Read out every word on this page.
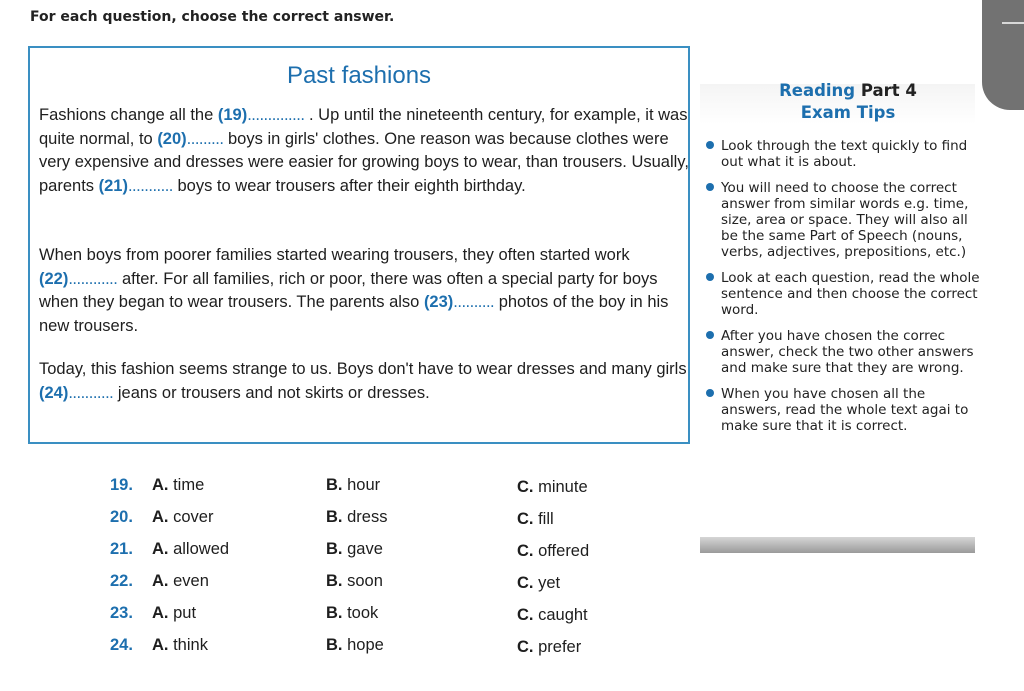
For each question, choose the correct answer.
Past fashions

Fashions change all the (19).............. . Up until the nineteenth century, for example, it was quite normal, to (20)......... boys in girls' clothes. One reason was because clothes were very expensive and dresses were easier for growing boys to wear, than trousers. Usually, parents (21)........... boys to wear trousers after their eighth birthday.

When boys from poorer families started wearing trousers, they often started work (22)............ after. For all families, rich or poor, there was often a special party for boys when they began to wear trousers. The parents also (23).......... photos of the boy in his new trousers.

Today, this fashion seems strange to us. Boys don't have to wear dresses and many girls (24)........... jeans or trousers and not skirts or dresses.

Reading Part 4
Exam Tips
Look through the text quickly to find out what it is about.
You will need to choose the correct answer from similar words e.g. time, size, area or space. They will also all be the same Part of Speech (nouns, verbs, adjectives, prepositions, etc.)
Look at each question, read the whole sentence and then choose the correct word.
After you have chosen the correc answer, check the two other answers and make sure that they are wrong.
When you have chosen all the answers, read the whole text agai to make sure that it is correct.
19. A. time	B. hour	C. minute
20. A. cover	B. dress	C. fill
21. A. allowed	B. gave	C. offered
22. A. even	B. soon	C. yet
23. A. put	B. took	C. caught
24. A. think	B. hope	C. prefer
